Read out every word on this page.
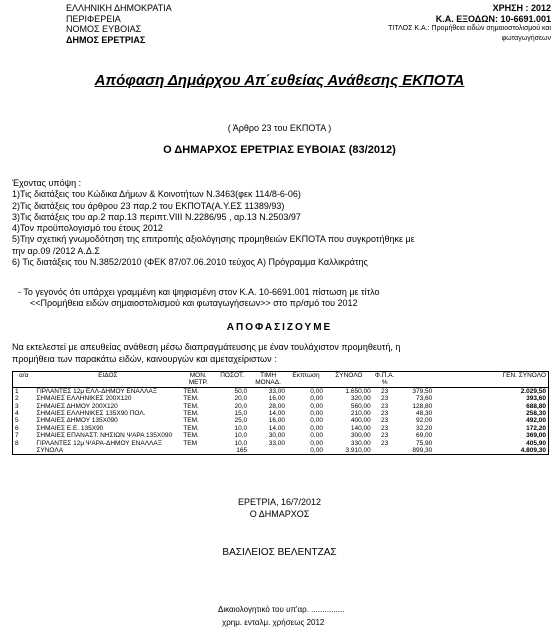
ΕΛΛΗΝΙΚΗ ΔΗΜΟΚΡΑΤΙΑ
ΠΕΡΙΦΕΡΕΙΑ
ΝΟΜΟΣ ΕΥΒΟΙΑΣ
ΔΗΜΟΣ ΕΡΕΤΡΙΑΣ
ΧΡΗΣΗ : 2012
Κ.Α. ΕΞΟΔΩΝ: 10-6691.001
ΤΙΤΛΟΣ Κ.Α.: Προμήθεια ειδών σημαιοστολισμού και
φωταγωγήσεων
Απόφαση Δημάρχου Απ΄ευθείας Ανάθεσης ΕΚΠΟΤΑ
( Άρθρο 23 του ΕΚΠΟΤΑ )
Ο ΔΗΜΑΡΧΟΣ ΕΡΕΤΡΙΑΣ ΕΥΒΟΙΑΣ (83/2012)
Έχοντας υπόψη :
1)Τις διατάξεις του Κώδικα Δήμων & Κοινοτήτων Ν.3463(φεκ 114/8-6-06)
2)Τις διατάξεις του άρθρου 23 παρ.2 του ΕΚΠΟΤΑ(Α.Υ.ΕΣ 11389/93)
3)Τις διατάξεις του αρ.2 παρ.13 περιπτ.VIII Ν.2286/95 , αρ.13 Ν.2503/97
4)Τον προϋπολογισμό του έτους 2012
5)Την σχετική γνωμοδότηση της επιτροπής αξιολόγησης προμηθειών ΕΚΠΟΤΑ που συγκροτήθηκε με
την αρ.09 /2012 Α.Δ.Σ
6) Τις διατάξεις του Ν.3852/2010 (ΦΕΚ 87/07.06.2010 τεύχος Α) Πρόγραμμα Καλλικράτης
- Το γεγονός ότι υπάρχει γραμμένη και ψηφισμένη στον Κ.Α. 10-6691.001 πίστωση με τίτλο
<<Προμήθεια ειδών σημαιοστολισμού και φωταγωγήσεων>> στο πρ/σμό του 2012
ΑΠΟΦΑΣΙΖΟΥΜΕ
Να εκτελεστεί με απευθείας ανάθεση μέσω διαπραγμάτευσης με έναν τουλάχιστον προμηθευτή, η
προμήθεια των παρακάτω ειδών, καινουργών και αμεταχείριστων :
α/α	ΕΙΔΟΣ	ΜΟΝ. ΜΕΤΡ.	ΠΟΣΟΤ.	ΤΙΜΗ ΜΟΝΑΔ.	Εκπτωση	ΣΥΝΟΛΟ	Φ.Π.Α. %		ΓΕΝ. ΣΥΝΟΛΟ
1	ΓΙΡΛΑΝΤΕΣ 12μ ΕΛΛ-ΔΗΜΟΥ ΕΝΑΛΛΑΞ	ΤΕΜ.	50,0	33,00	0,00	1.650,00	23	379,50	2.029,50
2	ΣΗΜΑΙΕΣ ΕΛΛΗΝΙΚΕΣ 200Χ120	ΤΕΜ.	20,0	16,00	0,00	320,00	23	73,60	393,60
3	ΣΗΜΑΙΕΣ ΔΗΜΟΥ 200Χ120	ΤΕΜ.	20,0	28,00	0,00	560,00	23	128,80	688,80
4	ΣΗΜΑΙΕΣ ΕΛΛΗΝΙΚΕΣ 135Χ90 ΠΟΛ.	ΤΕΜ.	15,0	14,00	0,00	210,00	23	48,30	258,30
5	ΣΗΜΑΙΕΣ ΔΗΜΟΥ 135Χ090	ΤΕΜ.	25,0	16,00	0,00	400,00	23	92,00	492,00
6	ΣΗΜΑΙΕΣ Ε.Ε. 135Χ90	ΤΕΜ.	10,0	14,00	0,00	140,00	23	32,20	172,20
7	ΣΗΜΑΙΕΣ ΕΠΑΝΑΣΤ. ΝΗΣΙΩΝ ΨΑΡΑ 135Χ090	ΤΕΜ.	10,0	30,00	0,00	300,00	23	69,00	369,00
8	ΓΙΡΛΑΝΤΕΣ 12μ ΨΑΡΑ-ΔΗΜΟΥ ΕΝΑΛΛΑΞ	ΤΕΜ	10,0	33,00	0,00	330,00	23	75,90	405,90
	ΣΥΝΟΛΑ		165		0,00	3.910,00		899,30	4.809,30
ΕΡΕΤΡΙΑ, 16/7/2012
Ο ΔΗΜΑΡΧΟΣ
ΒΑΣΙΛΕΙΟΣ ΒΕΛΕΝΤΖΑΣ
Δικαιολογητικό του υπ'αρ. ...............
χρημ. ενταλμ. χρήσεως 2012
